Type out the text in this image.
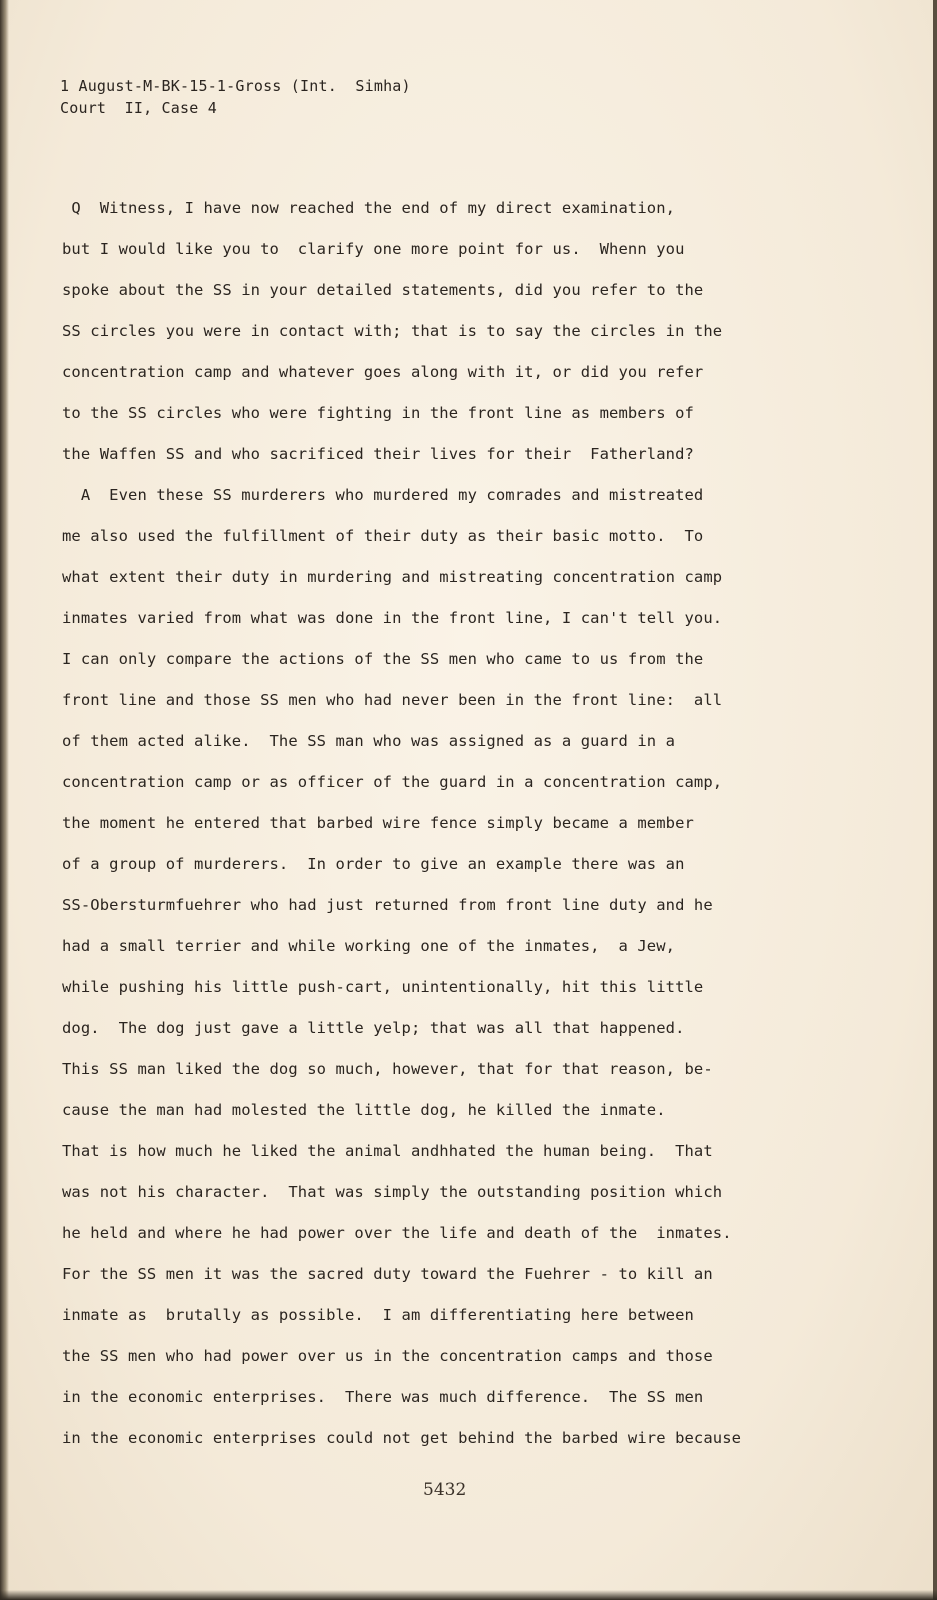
1 August-M-BK-15-1-Gross (Int.  Simha)
Court  II, Case 4
Q  Witness, I have now reached the end of my direct examination,
but I would like you to  clarify one more point for us.  Whenn you
spoke about the SS in your detailed statements, did you refer to the
SS circles you were in contact with; that is to say the circles in the
concentration camp and whatever goes along with it, or did you refer
to the SS circles who were fighting in the front line as members of
the Waffen SS and who sacrificed their lives for their  Fatherland?
A  Even these SS murderers who murdered my comrades and mistreated
me also used the fulfillment of their duty as their basic motto.  To
what extent their duty in murdering and mistreating concentration camp
inmates varied from what was done in the front line, I can't tell you.
I can only compare the actions of the SS men who came to us from the
front line and those SS men who had never been in the front line:  all
of them acted alike.  The SS man who was assigned as a guard in a
concentration camp or as officer of the guard in a concentration camp,
the moment he entered that barbed wire fence simply became a member
of a group of murderers.  In order to give an example there was an
SS-Obersturmfuehrer who had just returned from front line duty and he
had a small terrier and while working one of the inmates,  a Jew,
while pushing his little push-cart, unintentionally, hit this little
dog.  The dog just gave a little yelp; that was all that happened.
This SS man liked the dog so much, however, that for that reason, be-
cause the man had molested the little dog, he killed the inmate.
That is how much he liked the animal andhhated the human being.  That
was not his character.  That was simply the outstanding position which
he held and where he had power over the life and death of the  inmates.
For the SS men it was the sacred duty toward the Fuehrer - to kill an
inmate as  brutally as possible.  I am differentiating here between
the SS men who had power over us in the concentration camps and those
in the economic enterprises.  There was much difference.  The SS men
in the economic enterprises could not get behind the barbed wire because
5432
